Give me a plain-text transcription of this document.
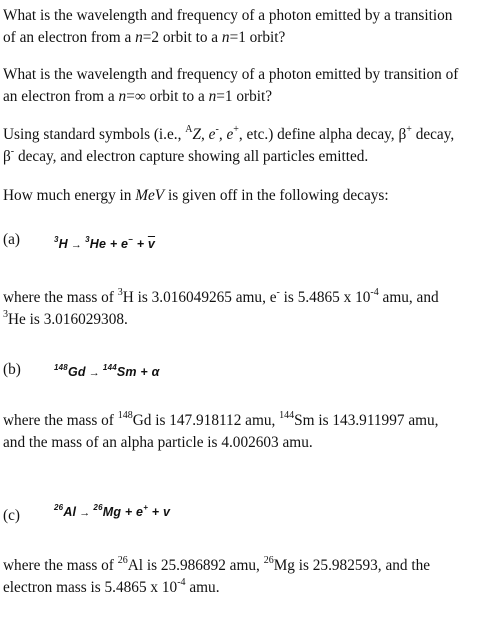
What is the wavelength and frequency of a photon emitted by a transition
of an electron from a n=2 orbit to a n=1 orbit?

What is the wavelength and frequency of a photon emitted by transition of
an electron from a n=∞ orbit to a n=1 orbit?

Using standard symbols (i.e., $^A$Z, e-, e+, etc.) define alpha decay, β+ decay,
β- decay, and electron capture showing all particles emitted.

How much energy in MeV is given off in the following decays:

(a)	$^3H \to ^3He + e^- + \overline{v}$

where the mass of $^3$H is 3.016049265 amu, e- is 5.4865 x $10^{-4}$ amu, and
$^3$He is 3.016029308.

(b)	$^{148}$Gd → $^{144}$Sm + α

where the mass of $^{148}$Gd is 147.918112 amu, $^{144}$Sm is 143.911997 amu,
and the mass of an alpha particle is 4.002603 amu.

(c)	$^{26}$Al → $^{26}$Mg + e+ + v

where the mass of $^{26}$Al is 25.986892 amu, $^{26}$Mg is 25.982593, and the
electron mass is 5.4865 x $10^{-4}$ amu.
